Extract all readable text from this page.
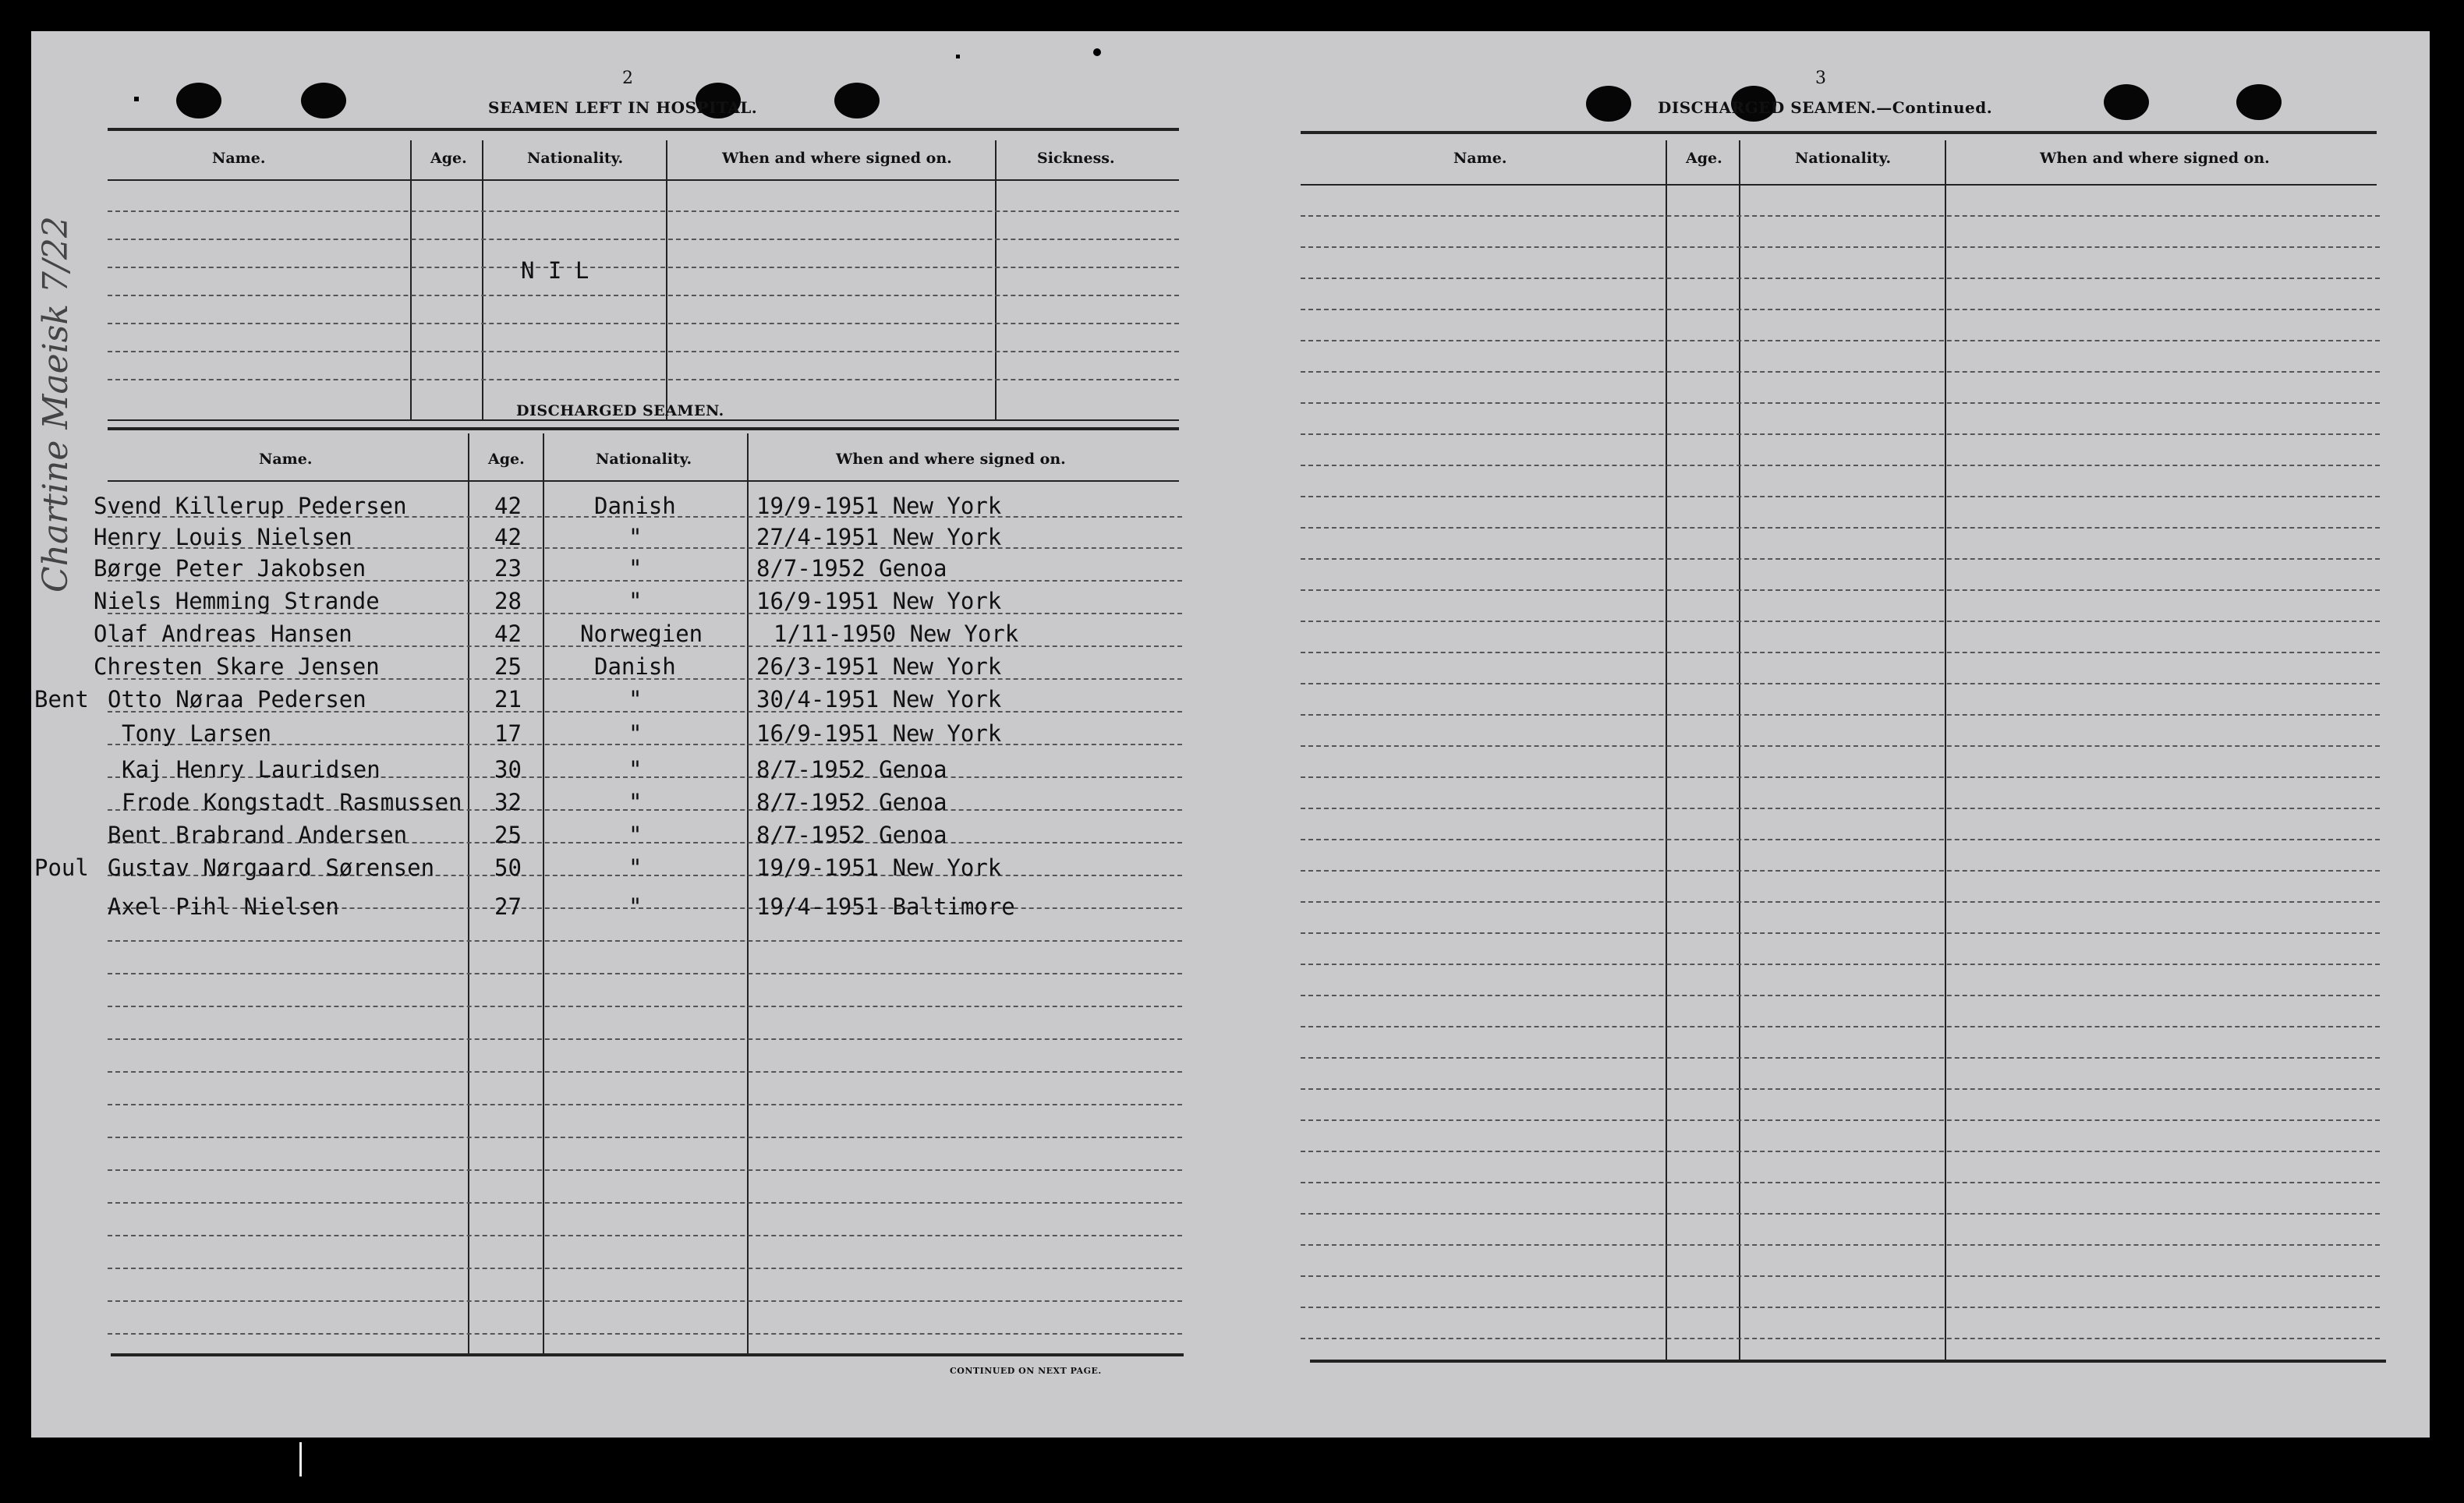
2
SEAMEN LEFT IN HOSPITAL.
Name.	Age.	Nationality.	When and where signed on.	Sickness.
N I L
DISCHARGED SEAMEN.
Name.	Age.	Nationality.	When and where signed on.
CONTINUED ON NEXT PAGE.
Svend Killerup Pedersen	42	Danish	19/9-1951 New York
Henry Louis Nielsen	42	"	27/4-1951 New York
Børge Peter Jakobsen	23	"	8/7-1952 Genoa
Niels Hemming Strande	28	"	16/9-1951 New York
Olaf Andreas Hansen	42	Norwegien	1/11-1950 New York
Chresten Skare Jensen	25	Danish	26/3-1951 New York
Bent Otto Nøraa Pedersen	21	"	30/4-1951 New York
Tony Larsen	17	"	16/9-1951 New York
Kaj Henry Lauridsen	30	"	8/7-1952 Genoa
Frode Kongstadt Rasmussen 32	"	8/7-1952 Genoa
Bent Brabrand Andersen	25	"	8/7-1952 Genoa
Poul Gustav Nørgaard Sørensen	50	"	19/9-1951 New York
Axel Pihl Nielsen	27	"	19/4-1951 Baltimore
Chartine Maeisk 7/22
3
DISCHARGED SEAMEN.—Continued.
Name.	Age.	Nationality.	When and where signed on.
